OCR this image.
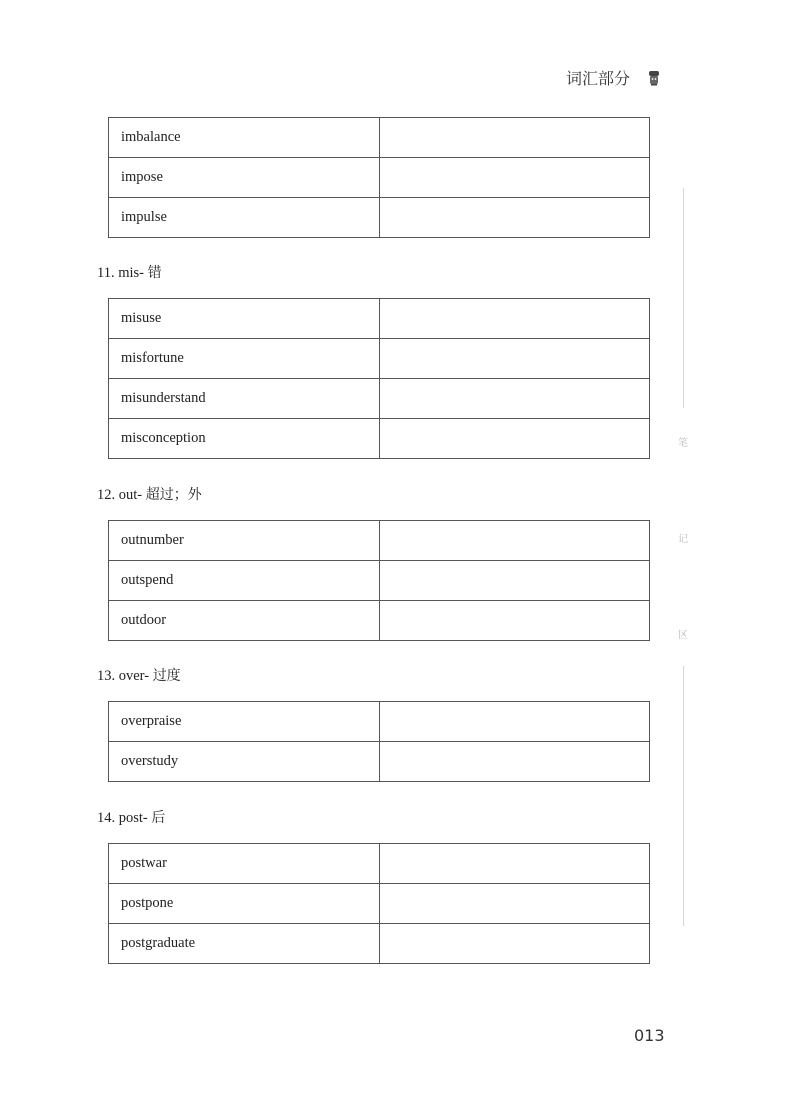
词汇部分
imbalance	
impose	
impulse	
11. mis- 错
misuse	
misfortune	
misunderstand	
misconception	
12. out- 超过；外
outnumber	
outspend	
outdoor	
13. over- 过度
overpraise	
overstudy	
14. post- 后
postwar	
postpone	
postgraduate	
笔
记
区
013
